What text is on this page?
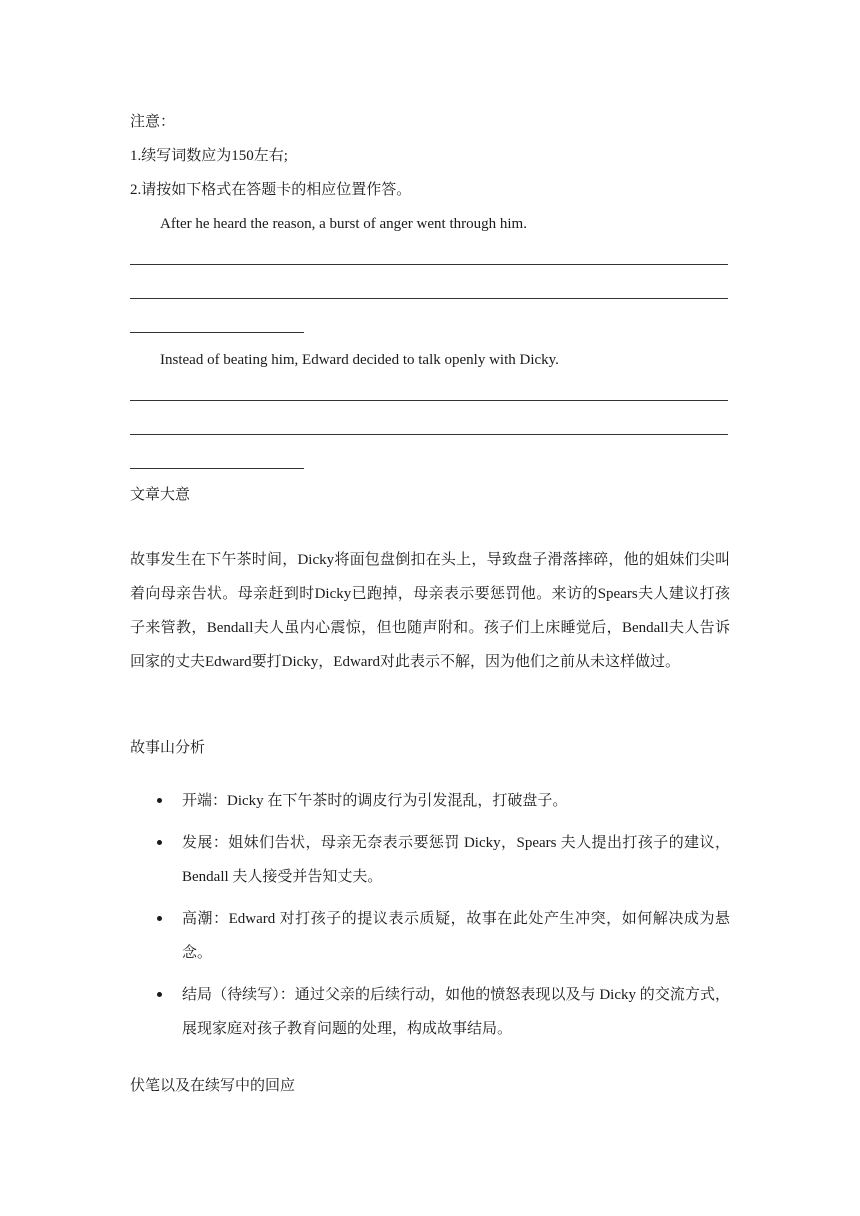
注意：
1.续写词数应为150左右;
2.请按如下格式在答题卡的相应位置作答。
After he heard the reason, a burst of anger went through him.
Instead of beating him, Edward decided to talk openly with Dicky.
文章大意
故事发生在下午茶时间，Dicky将面包盘倒扣在头上，导致盘子滑落摔碎，他的姐妹们尖叫着向母亲告状。母亲赶到时Dicky已跑掉，母亲表示要惩罚他。来访的Spears夫人建议打孩子来管教，Bendall夫人虽内心震惊，但也随声附和。孩子们上床睡觉后，Bendall夫人告诉回家的丈夫Edward要打Dicky，Edward对此表示不解，因为他们之前从未这样做过。
故事山分析
开端：Dicky 在下午茶时的调皮行为引发混乱，打破盘子。
发展：姐妹们告状，母亲无奈表示要惩罚 Dicky，Spears 夫人提出打孩子的建议，Bendall 夫人接受并告知丈夫。
高潮：Edward 对打孩子的提议表示质疑，故事在此处产生冲突，如何解决成为悬念。
结局（待续写）：通过父亲的后续行动，如他的愤怒表现以及与 Dicky 的交流方式，展现家庭对孩子教育问题的处理，构成故事结局。
伏笔以及在续写中的回应
